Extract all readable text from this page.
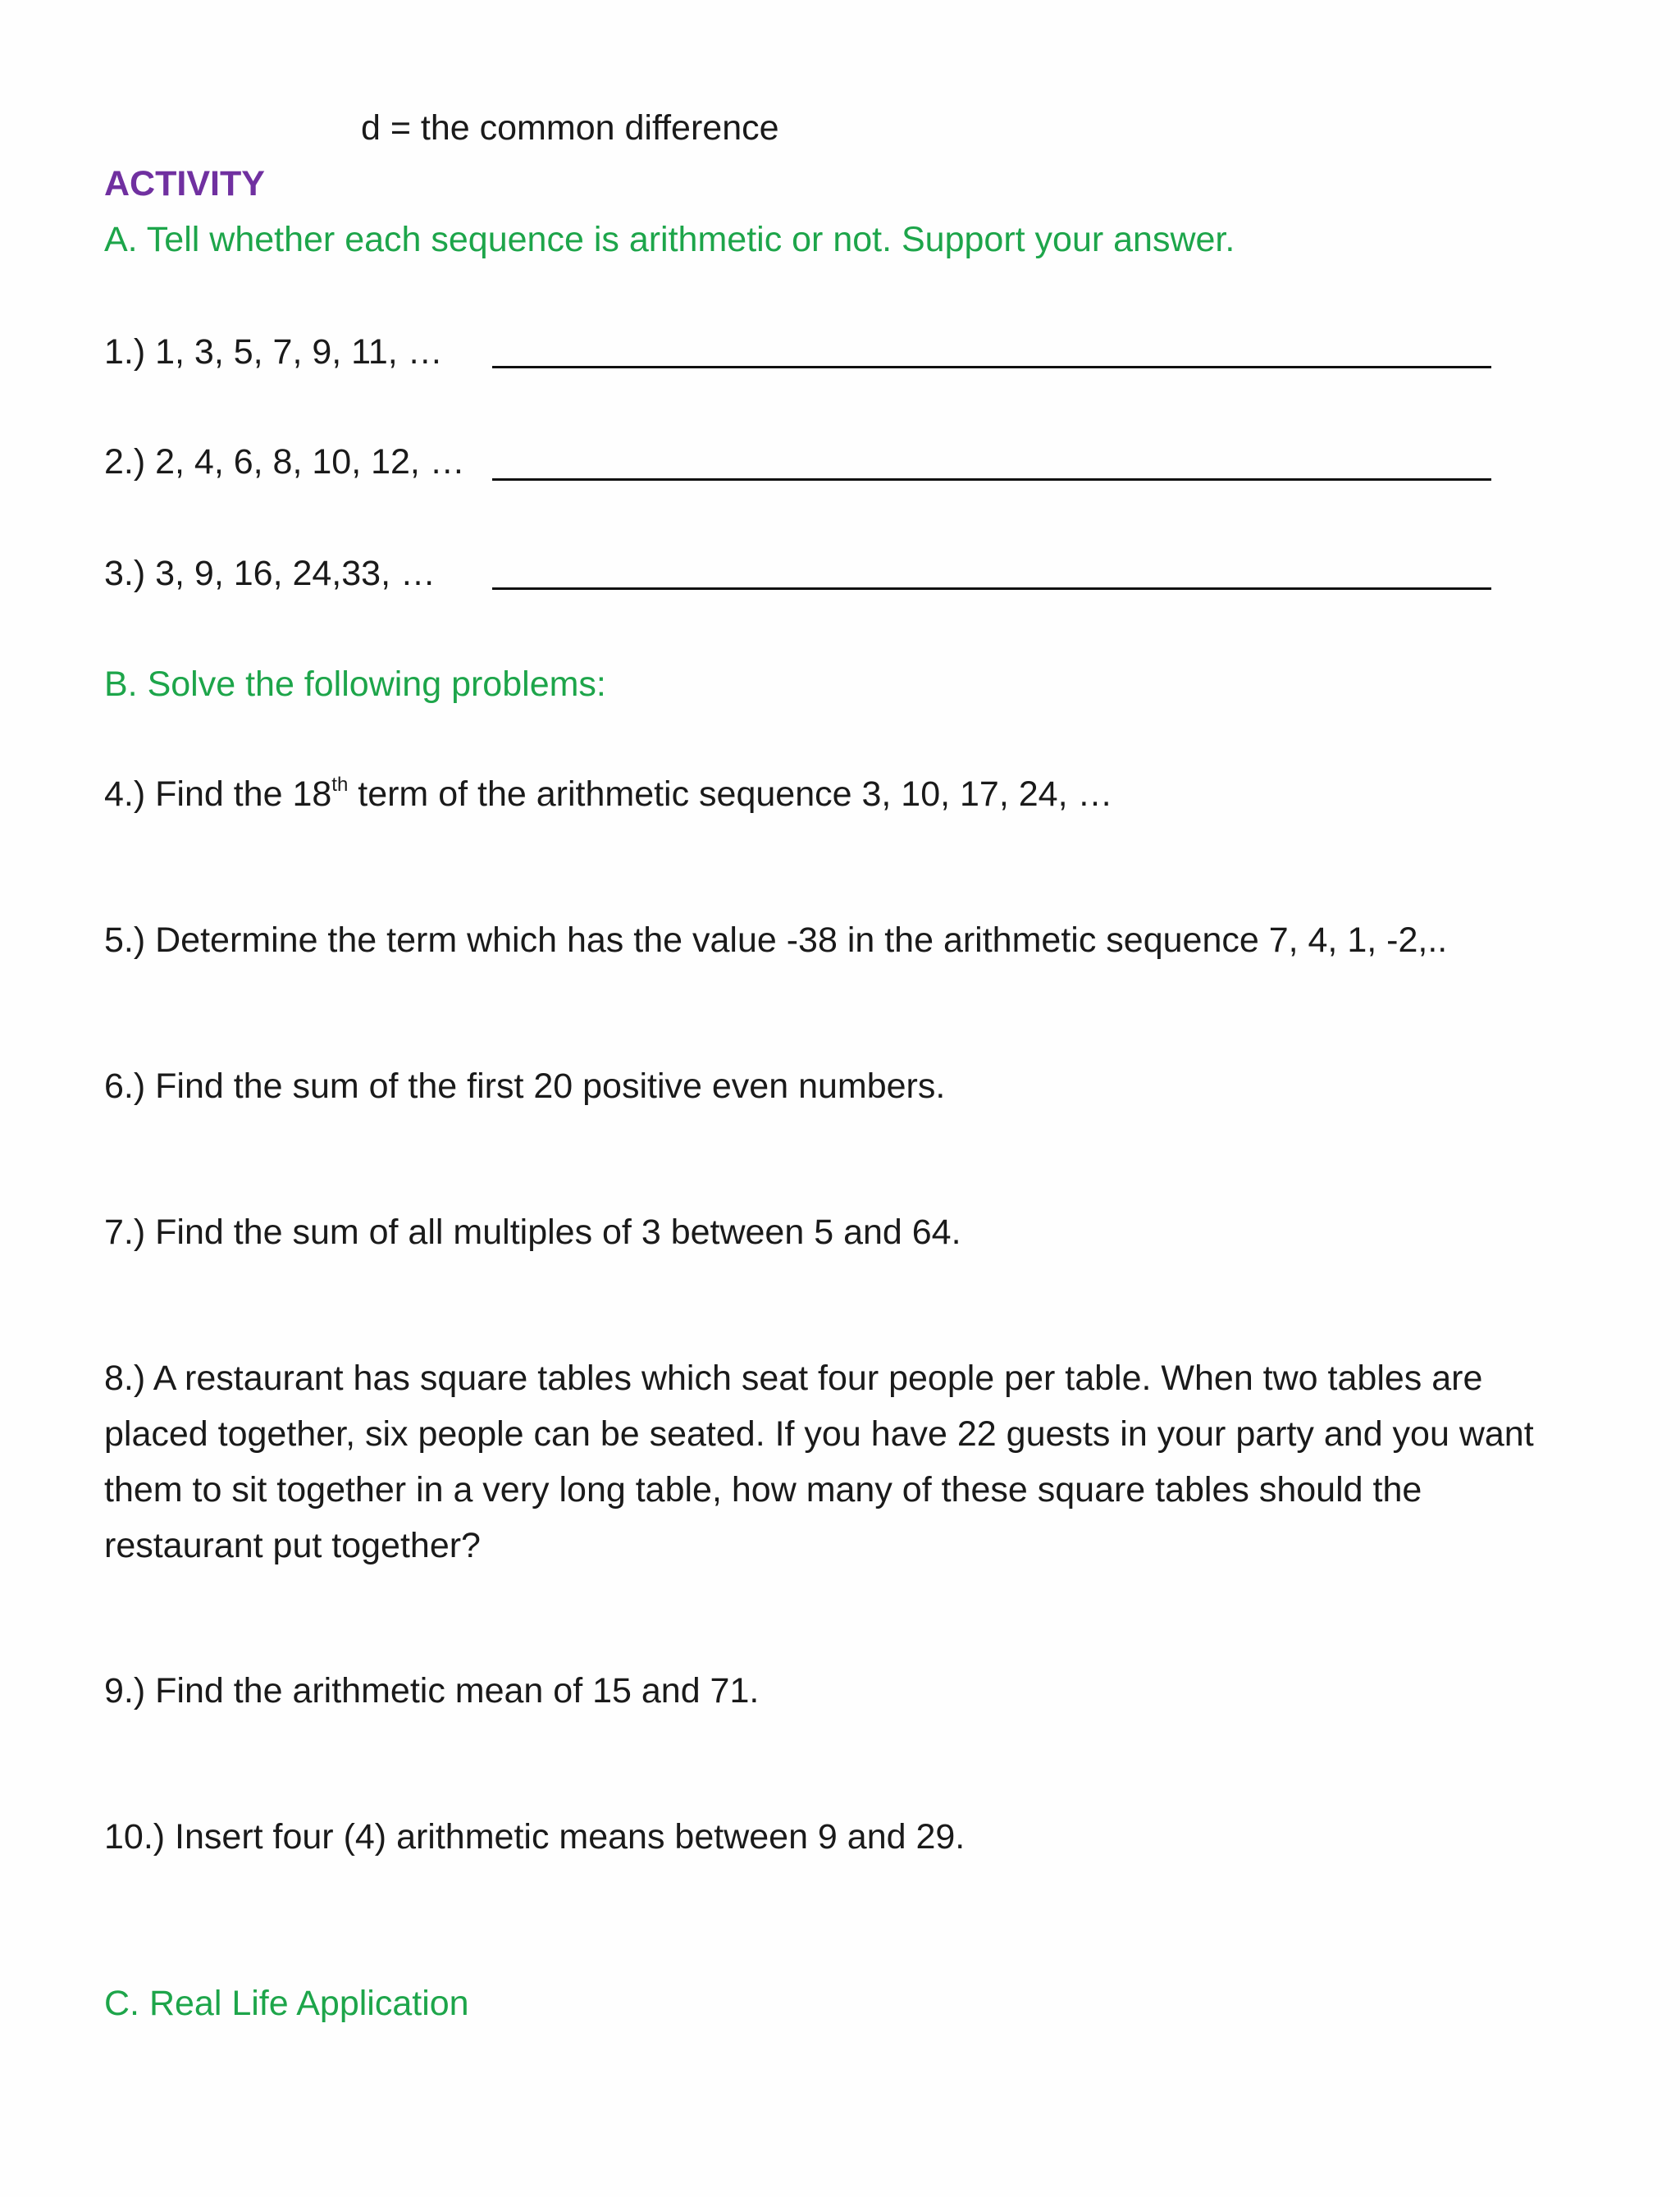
d = the common difference
ACTIVITY
A. Tell whether each sequence is arithmetic or not. Support your answer.
1.) 1, 3, 5, 7, 9, 11, …
2.) 2, 4, 6, 8, 10, 12, …
3.) 3, 9, 16, 24,33, …
B. Solve the following problems:
4.) Find the 18th term of the arithmetic sequence 3, 10, 17, 24, …
5.) Determine the term which has the value -38 in the arithmetic sequence 7, 4, 1, -2,..
6.) Find the sum of the first 20 positive even numbers.
7.) Find the sum of all multiples of 3 between 5 and 64.
8.) A restaurant has square tables which seat four people per table. When two tables are placed together, six people can be seated. If you have 22 guests in your party and you want them to sit together in a very long table, how many of these square tables should the restaurant put together?
9.) Find the arithmetic mean of 15 and 71.
10.) Insert four (4) arithmetic means between 9 and 29.
C. Real Life Application
